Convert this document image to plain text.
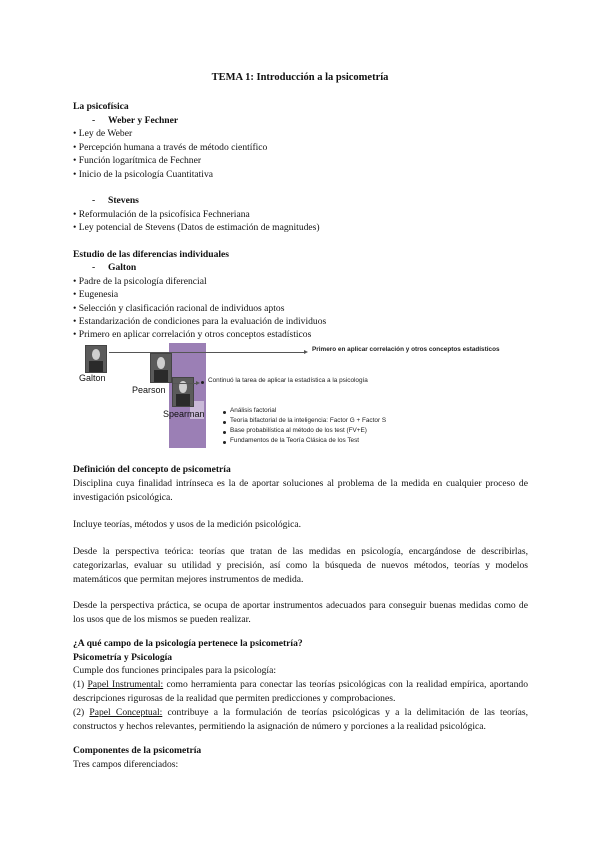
TEMA 1: Introducción a la psicometría
La psicofísica
- Weber y Fechner
• Ley de Weber
• Percepción humana a través de método científico
• Función logarítmica de Fechner
• Inicio de la psicología Cuantitativa
- Stevens
• Reformulación de la psicofísica Fechneriana
• Ley potencial de Stevens (Datos de estimación de magnitudes)
Estudio de las diferencias individuales
- Galton
• Padre de la psicología diferencial
• Eugenesia
• Selección y clasificación racional de individuos aptos
• Estandarización de condiciones para la evaluación de individuos
• Primero en aplicar correlación y otros conceptos estadísticos
Galton
Pearson
Spearman
Primero en aplicar correlación y otros conceptos estadísticos
Continuó la tarea de aplicar la estadística a la psicología
Análisis factorial
Teoría bifactorial de la inteligencia: Factor G + Factor S
Base probabilística al método de los test (FV+E)
Fundamentos de la Teoría Clásica de los Test
Definición del concepto de psicometría
Disciplina cuya finalidad intrínseca es la de aportar soluciones al problema de la medida en cualquier proceso de investigación psicológica.
Incluye teorías, métodos y usos de la medición psicológica.
Desde la perspectiva teórica: teorías que tratan de las medidas en psicología, encargándose de describirlas, categorizarlas, evaluar su utilidad y precisión, así como la búsqueda de nuevos métodos, teorías y modelos matemáticos que permitan mejores instrumentos de medida.
Desde la perspectiva práctica, se ocupa de aportar instrumentos adecuados para conseguir buenas medidas como de los usos que de los mismos se pueden realizar.
¿A qué campo de la psicología pertenece la psicometría?
Psicometría y Psicología
Cumple dos funciones principales para la psicología:
(1) Papel Instrumental: como herramienta para conectar las teorías psicológicas con la realidad empírica, aportando descripciones rigurosas de la realidad que permiten predicciones y comprobaciones.
(2) Papel Conceptual: contribuye a la formulación de teorías psicológicas y a la delimitación de las teorías, constructos y hechos relevantes, permitiendo la asignación de número y porciones a la realidad psicológica.
Componentes de la psicometría
Tres campos diferenciados:
